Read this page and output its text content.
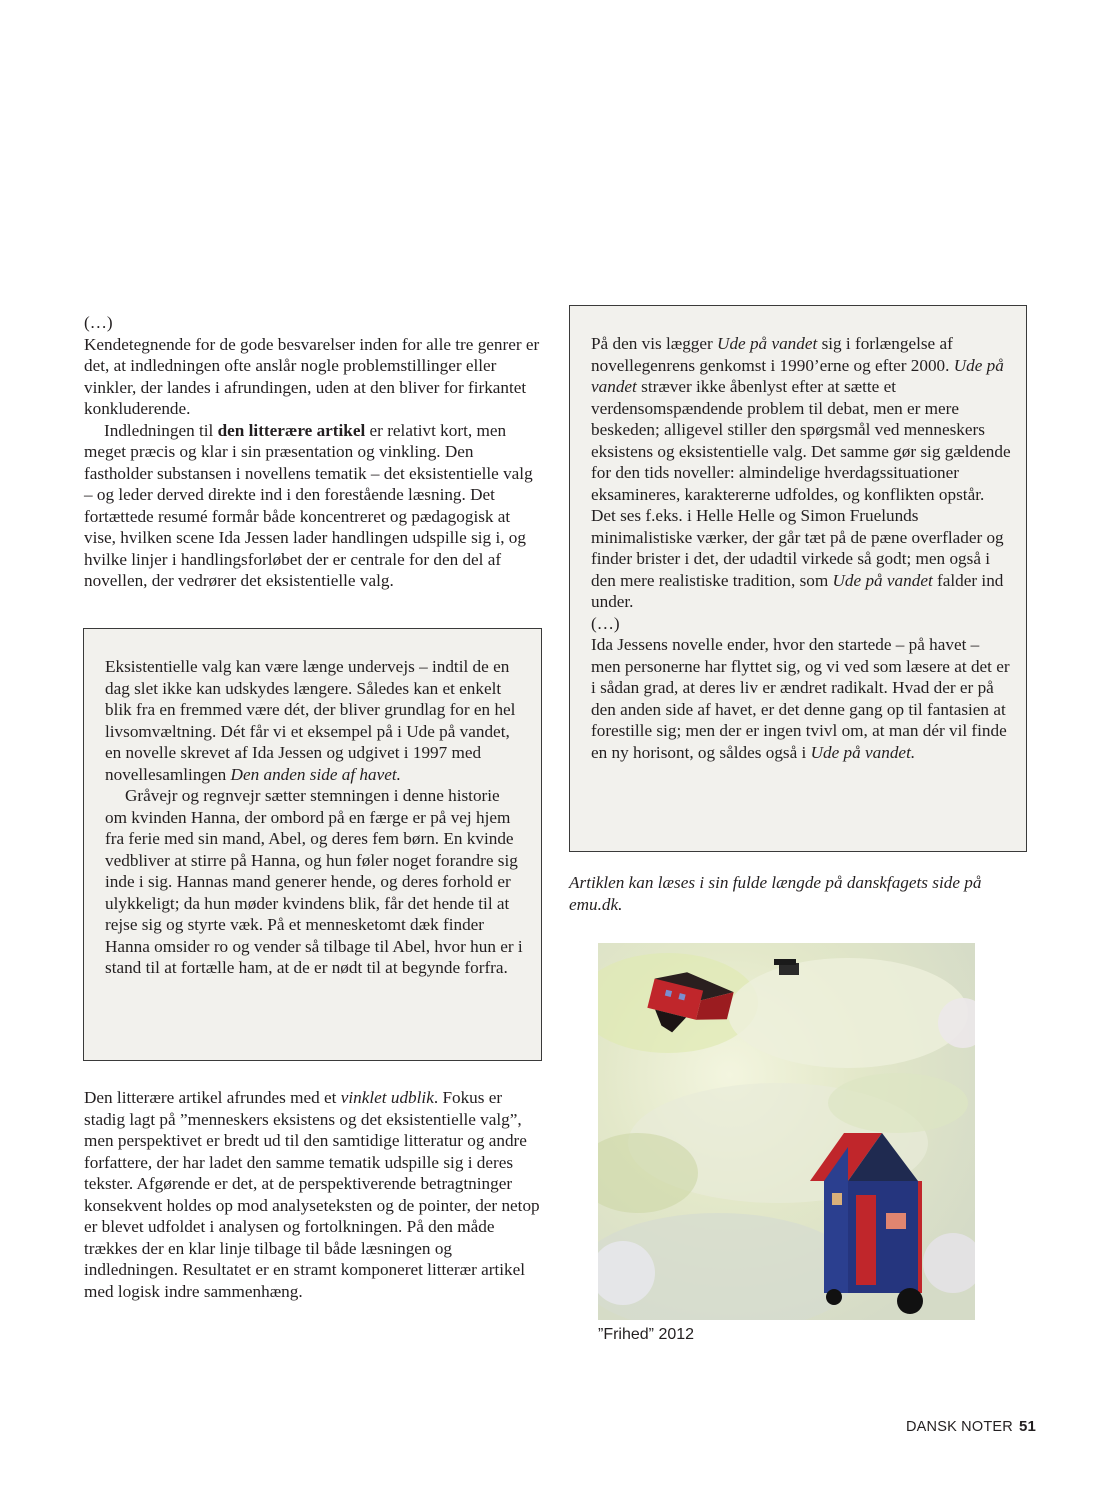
(…)

Kendetegnende for de gode besvarelser inden for alle tre genrer er det, at indledningen ofte anslår nogle problemstillinger eller vinkler, der landes i afrundingen, uden at den bliver for firkantet konkluderende.

Indledningen til den litterære artikel er relativt kort, men meget præcis og klar i sin præsentation og vinkling. Den fastholder substansen i novellens tematik – det eksistentielle valg – og leder derved direkte ind i den forestående læsning. Det fortættede resumé formår både koncentreret og pædagogisk at vise, hvilken scene Ida Jessen lader handlingen udspille sig i, og hvilke linjer i handlingsforløbet der er centrale for den del af novellen, der vedrører det eksistentielle valg.

Eksistentielle valg kan være længe undervejs – indtil de en dag slet ikke kan udskydes længere. Således kan et enkelt blik fra en fremmed være dét, der bliver grundlag for en hel livsomvæltning. Dét får vi et eksempel på i Ude på vandet, en novelle skrevet af Ida Jessen og udgivet i 1997 med novellesamlingen Den anden side af havet.

Gråvejr og regnvejr sætter stemningen i denne historie om kvinden Hanna, der ombord på en færge er på vej hjem fra ferie med sin mand, Abel, og deres fem børn. En kvinde vedbliver at stirre på Hanna, og hun føler noget forandre sig inde i sig. Hannas mand generer hende, og deres forhold er ulykkeligt; da hun møder kvindens blik, får det hende til at rejse sig og styrte væk. På et mennesketomt dæk finder Hanna omsider ro og vender så tilbage til Abel, hvor hun er i stand til at fortælle ham, at de er nødt til at begynde forfra.

Den litterære artikel afrundes med et vinklet udblik. Fokus er stadig lagt på ”menneskers eksistens og det eksistentielle valg”, men perspektivet er bredt ud til den samtidige litteratur og andre forfattere, der har ladet den samme tematik udspille sig i deres tekster. Afgørende er det, at de perspektiverende betragtninger konsekvent holdes op mod analyseteksten og de pointer, der netop er blevet udfoldet i analysen og fortolkningen. På den måde trækkes der en klar linje tilbage til både læsningen og indledningen. Resultatet er en stramt komponeret litterær artikel med logisk indre sammenhæng.

På den vis lægger Ude på vandet sig i forlængelse af novellegenrens genkomst i 1990’erne og efter 2000. Ude på vandet stræver ikke åbenlyst efter at sætte et verdensomspændende problem til debat, men er mere beskeden; alligevel stiller den spørgsmål ved menneskers eksistens og eksistentielle valg. Det samme gør sig gældende for den tids noveller: almindelige hverdagssituationer eksamineres, karaktererne udfoldes, og konflikten opstår. Det ses f.eks. i Helle Helle og Simon Fruelunds minimalistiske værker, der går tæt på de pæne overflader og finder brister i det, der udadtil virkede så godt; men også i den mere realistiske tradition, som Ude på vandet falder ind under.

(…)

Ida Jessens novelle ender, hvor den startede – på havet – men personerne har flyttet sig, og vi ved som læsere at det er i sådan grad, at deres liv er ændret radikalt. Hvad der er på den anden side af havet, er det denne gang op til fantasien at forestille sig; men der er ingen tvivl om, at man dér vil finde en ny horisont, og såldes også i Ude på vandet.

Artiklen kan læses i sin fulde længde på danskfagets side på emu.dk.
”Frihed” 2012
DANSK NOTER 51
